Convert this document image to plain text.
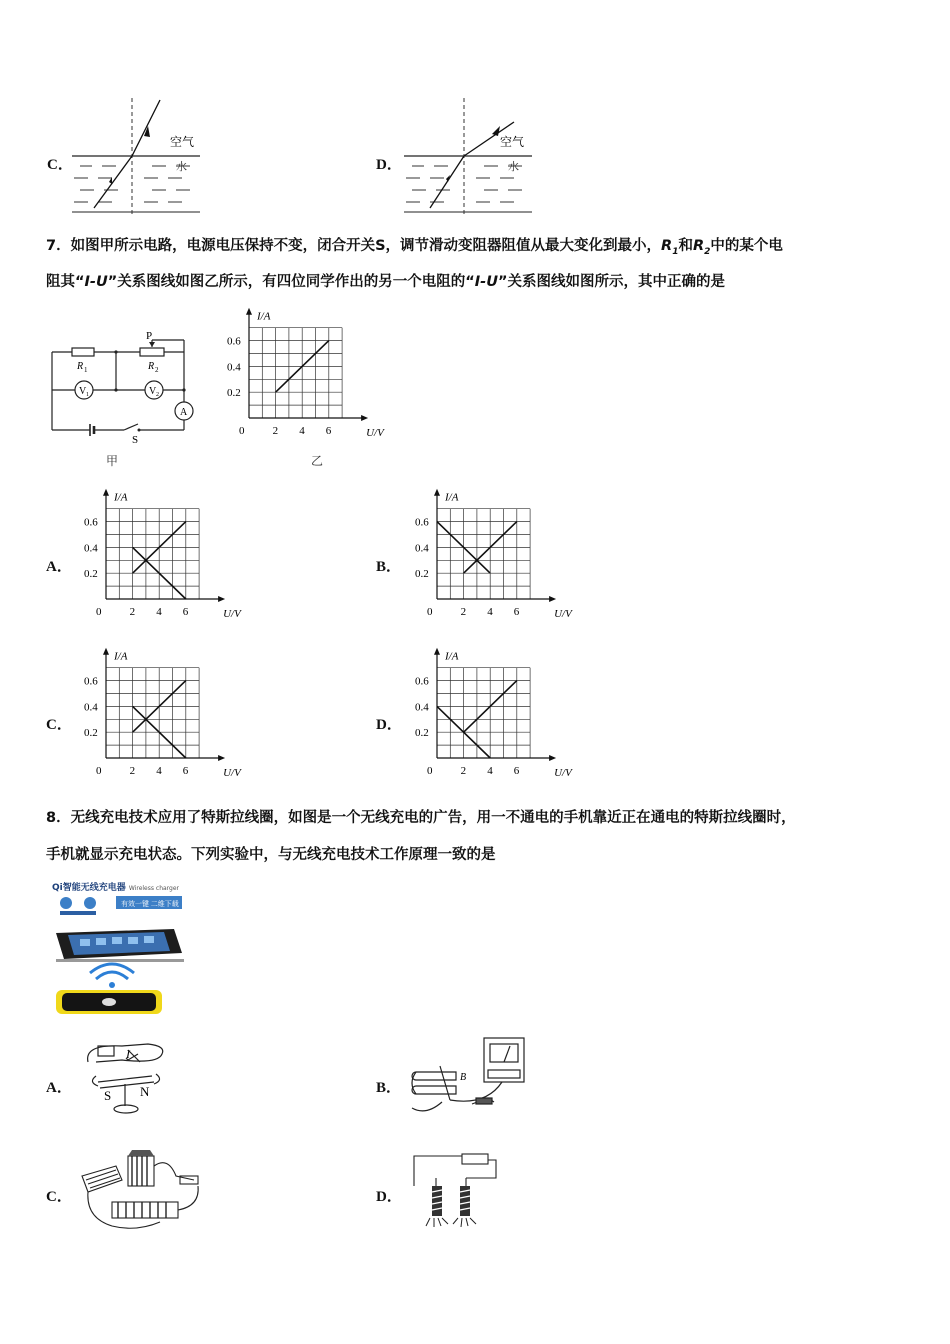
C．
空气
水	D．
空气
水
7．如图甲所示电路，电源电压保持不变，闭合开关S，调节滑动变阻器阻值从最大变化到最小，$R_1$和$R_2$中的某个电
阻其“I-U”关系图线如图乙所示，有四位同学作出的另一个电阻的“I-U”关系图线如图所示，其中正确的是
P
R 1	R 2
V 1	V 2
A
S
甲	乙
0	2 4 6
0.6
0.4
0.2
U/V
I/A
A．
0	2 4 6
0.6
0.4
0.2
U/V
I/A
B．
0	2 4 6
0.6
0.4
0.2
U/V
I/A
C．
0	2 4 6
0.6
0.4
0.2
U/V
I/A
D．
0	2 4 6
0.6
0.4
0.2
U/V
I/A
8．无线充电技术应用了特斯拉线圈，如图是一个无线充电的广告，用一不通电的手机靠近正在通电的特斯拉线圈时，
手机就显示充电状态。下列实验中，与无线充电技术工作原理一致的是
Qi智能无线充电器 Wireless charger
有效一键 二维下载
A．
I
S N	B．
B
C．	D．
